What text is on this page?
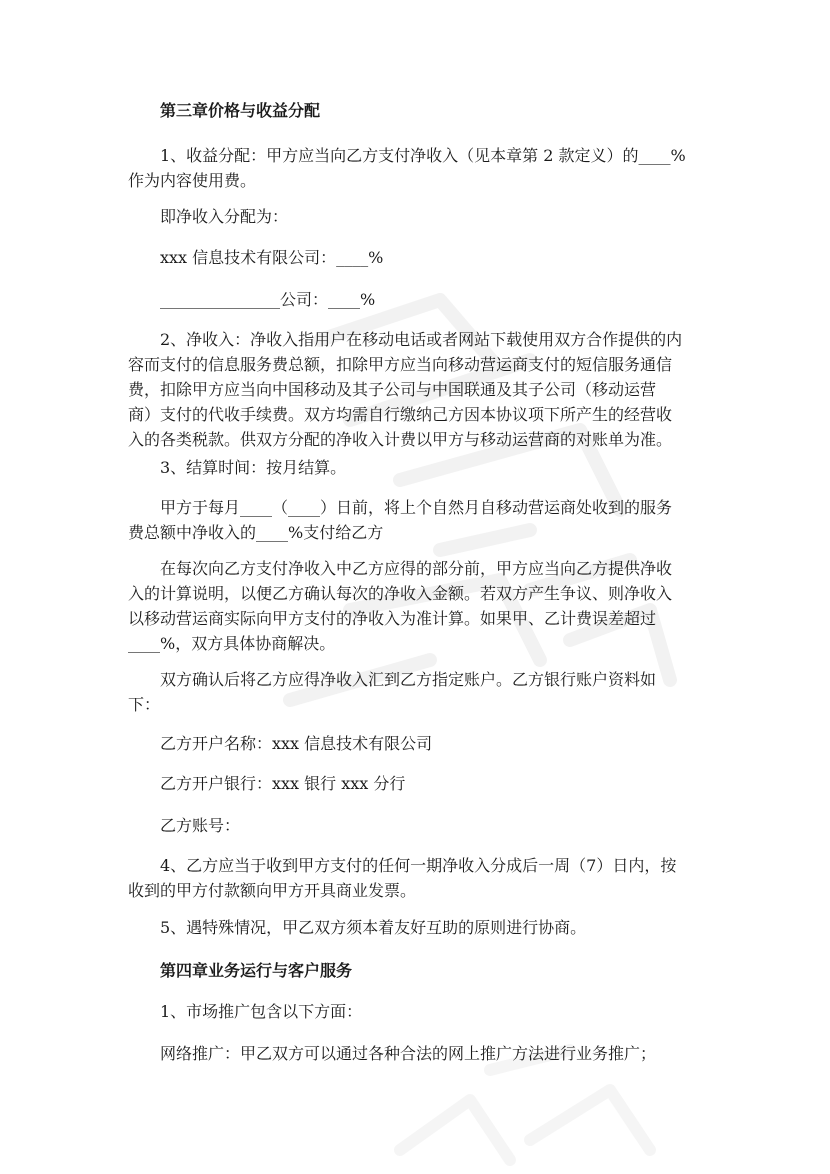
第三章价格与收益分配
1、收益分配：甲方应当向乙方支付净收入（见本章第 2 款定义）的____%
作为内容使用费。
即净收入分配为：
xxx 信息技术有限公司：____%
_______________公司：____%
2、净收入：净收入指用户在移动电话或者网站下载使用双方合作提供的内
容而支付的信息服务费总额，扣除甲方应当向移动营运商支付的短信服务通信
费，扣除甲方应当向中国移动及其子公司与中国联通及其子公司（移动运营
商）支付的代收手续费。双方均需自行缴纳己方因本协议项下所产生的经营收
入的各类税款。供双方分配的净收入计费以甲方与移动运营商的对账单为准。
3、结算时间：按月结算。
甲方于每月____（____）日前，将上个自然月自移动营运商处收到的服务
费总额中净收入的____%支付给乙方
在每次向乙方支付净收入中乙方应得的部分前，甲方应当向乙方提供净收
入的计算说明，以便乙方确认每次的净收入金额。若双方产生争议、则净收入
以移动营运商实际向甲方支付的净收入为准计算。如果甲、乙计费误差超过
____%，双方具体协商解决。
双方确认后将乙方应得净收入汇到乙方指定账户。乙方银行账户资料如
下：
乙方开户名称：xxx 信息技术有限公司
乙方开户银行：xxx 银行 xxx 分行
乙方账号：
4、乙方应当于收到甲方支付的任何一期净收入分成后一周（7）日内，按
收到的甲方付款额向甲方开具商业发票。
5、遇特殊情况，甲乙双方须本着友好互助的原则进行协商。
第四章业务运行与客户服务
1、市场推广包含以下方面：
网络推广：甲乙双方可以通过各种合法的网上推广方法进行业务推广；
